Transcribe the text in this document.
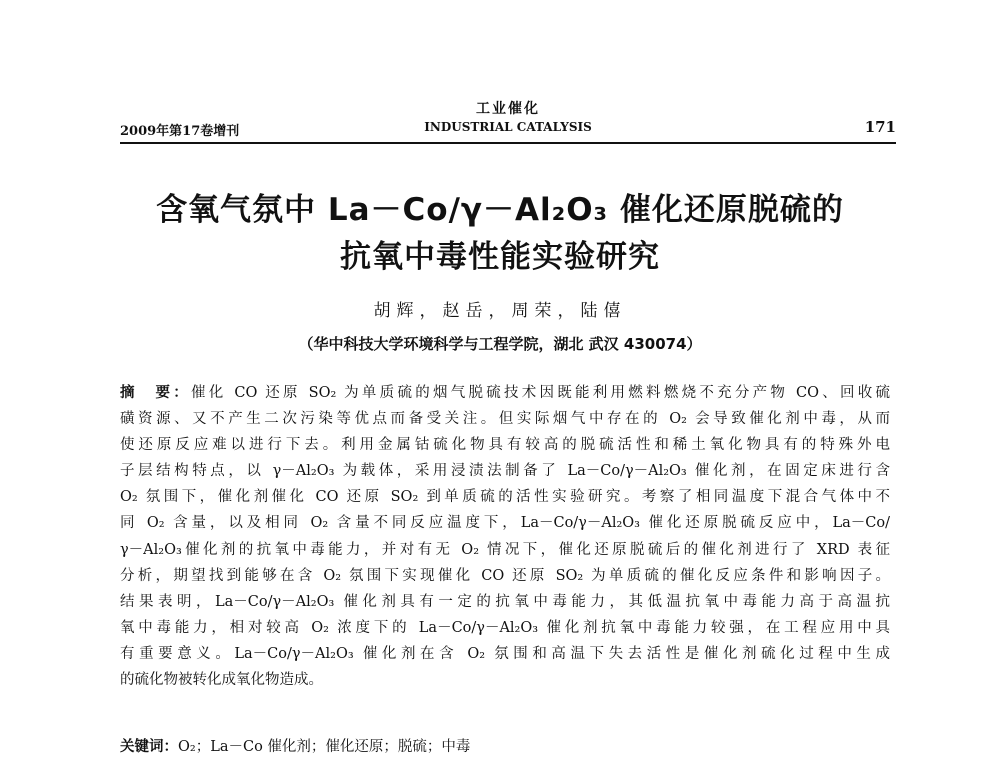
2009年第17卷增刊
工业催化
INDUSTRIAL CATALYSIS	171
含氧气氛中 La－Co/γ－Al₂O₃ 催化还原脱硫的
抗氧中毒性能实验研究
胡辉，赵岳，周荣，陆僖
（华中科技大学环境科学与工程学院，湖北 武汉 430074）
摘　要：催化 CO 还原 SO₂ 为单质硫的烟气脱硫技术因既能利用燃料燃烧不充分产物 CO、回收硫
磺资源、又不产生二次污染等优点而备受关注。但实际烟气中存在的 O₂ 会导致催化剂中毒，从而
使还原反应难以进行下去。利用金属钴硫化物具有较高的脱硫活性和稀土氧化物具有的特殊外电
子层结构特点，以 γ－Al₂O₃ 为载体，采用浸渍法制备了 La－Co/γ－Al₂O₃ 催化剂，在固定床进行含
O₂ 氛围下，催化剂催化 CO 还原 SO₂ 到单质硫的活性实验研究。考察了相同温度下混合气体中不
同 O₂ 含量，以及相同 O₂ 含量不同反应温度下，La－Co/γ－Al₂O₃ 催化还原脱硫反应中，La－Co/
γ－Al₂O₃催化剂的抗氧中毒能力，并对有无 O₂ 情况下，催化还原脱硫后的催化剂进行了 XRD 表征
分析，期望找到能够在含 O₂ 氛围下实现催化 CO 还原 SO₂ 为单质硫的催化反应条件和影响因子。
结果表明，La－Co/γ－Al₂O₃ 催化剂具有一定的抗氧中毒能力，其低温抗氧中毒能力高于高温抗
氧中毒能力，相对较高 O₂ 浓度下的 La－Co/γ－Al₂O₃ 催化剂抗氧中毒能力较强，在工程应用中具
有重要意义。La－Co/γ－Al₂O₃ 催化剂在含 O₂ 氛围和高温下失去活性是催化剂硫化过程中生成
的硫化物被转化成氧化物造成。
关键词：O₂；La－Co 催化剂；催化还原；脱硫；中毒
